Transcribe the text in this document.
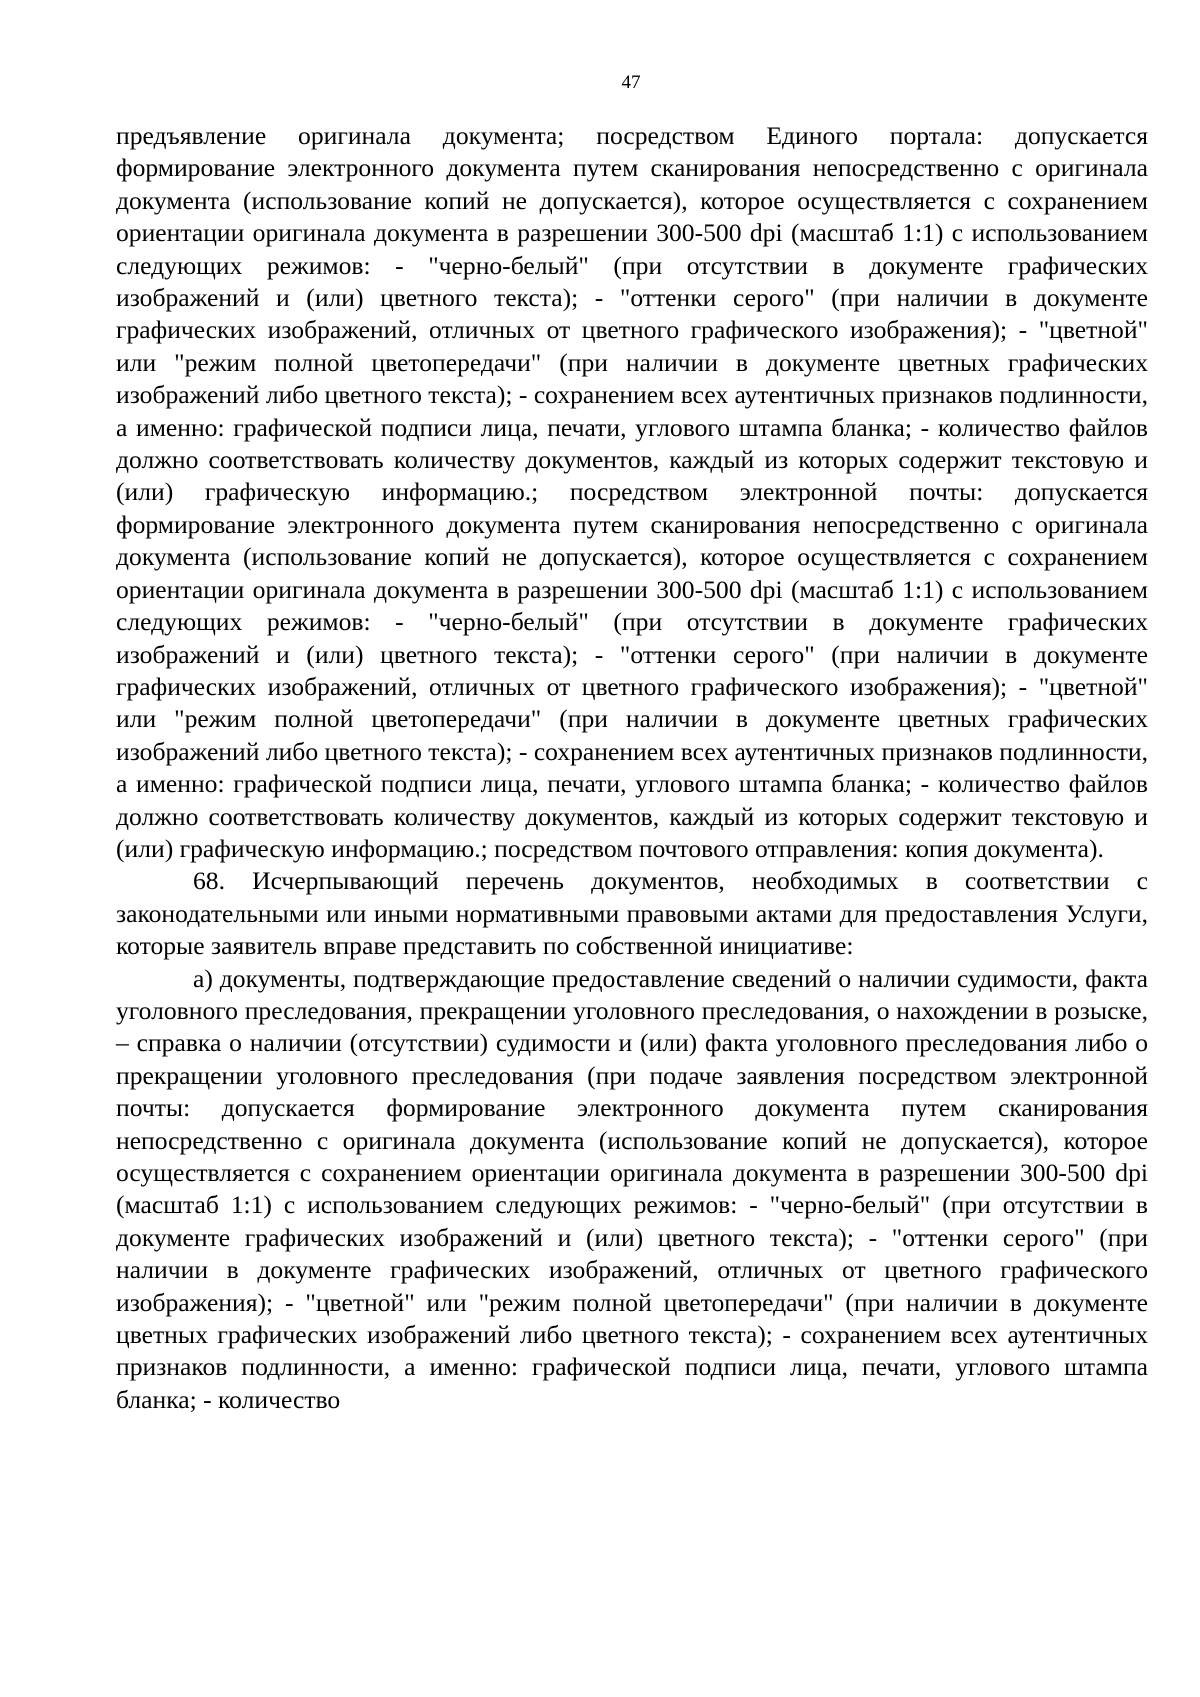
47

предъявление оригинала документа; посредством Единого портала: допускается формирование электронного документа путем сканирования непосредственно с оригинала документа (использование копий не допускается), которое осуществляется с сохранением ориентации оригинала документа в разрешении 300-500 dpi (масштаб 1:1) с использованием следующих режимов: - "черно-белый" (при отсутствии в документе графических изображений и (или) цветного текста); - "оттенки серого" (при наличии в документе графических изображений, отличных от цветного графического изображения); - "цветной" или "режим полной цветопередачи" (при наличии в документе цветных графических изображений либо цветного текста); - сохранением всех аутентичных признаков подлинности, а именно: графической подписи лица, печати, углового штампа бланка; - количество файлов должно соответствовать количеству документов, каждый из которых содержит текстовую и (или) графическую информацию.; посредством электронной почты: допускается формирование электронного документа путем сканирования непосредственно с оригинала документа (использование копий не допускается), которое осуществляется с сохранением ориентации оригинала документа в разрешении 300-500 dpi (масштаб 1:1) с использованием следующих режимов: - "черно-белый" (при отсутствии в документе графических изображений и (или) цветного текста); - "оттенки серого" (при наличии в документе графических изображений, отличных от цветного графического изображения); - "цветной" или "режим полной цветопередачи" (при наличии в документе цветных графических изображений либо цветного текста); - сохранением всех аутентичных признаков подлинности, а именно: графической подписи лица, печати, углового штампа бланка; - количество файлов должно соответствовать количеству документов, каждый из которых содержит текстовую и (или) графическую информацию.; посредством почтового отправления: копия документа).

68. Исчерпывающий перечень документов, необходимых в соответствии с законодательными или иными нормативными правовыми актами для предоставления Услуги, которые заявитель вправе представить по собственной инициативе:

а) документы, подтверждающие предоставление сведений о наличии судимости, факта уголовного преследования, прекращении уголовного преследования, о нахождении в розыске, – справка о наличии (отсутствии) судимости и (или) факта уголовного преследования либо о прекращении уголовного преследования (при подаче заявления посредством электронной почты: допускается формирование электронного документа путем сканирования непосредственно с оригинала документа (использование копий не допускается), которое осуществляется с сохранением ориентации оригинала документа в разрешении 300-500 dpi (масштаб 1:1) с использованием следующих режимов: - "черно-белый" (при отсутствии в документе графических изображений и (или) цветного текста); - "оттенки серого" (при наличии в документе графических изображений, отличных от цветного графического изображения); - "цветной" или "режим полной цветопередачи" (при наличии в документе цветных графических изображений либо цветного текста); - сохранением всех аутентичных признаков подлинности, а именно: графической подписи лица, печати, углового штампа бланка; - количество
